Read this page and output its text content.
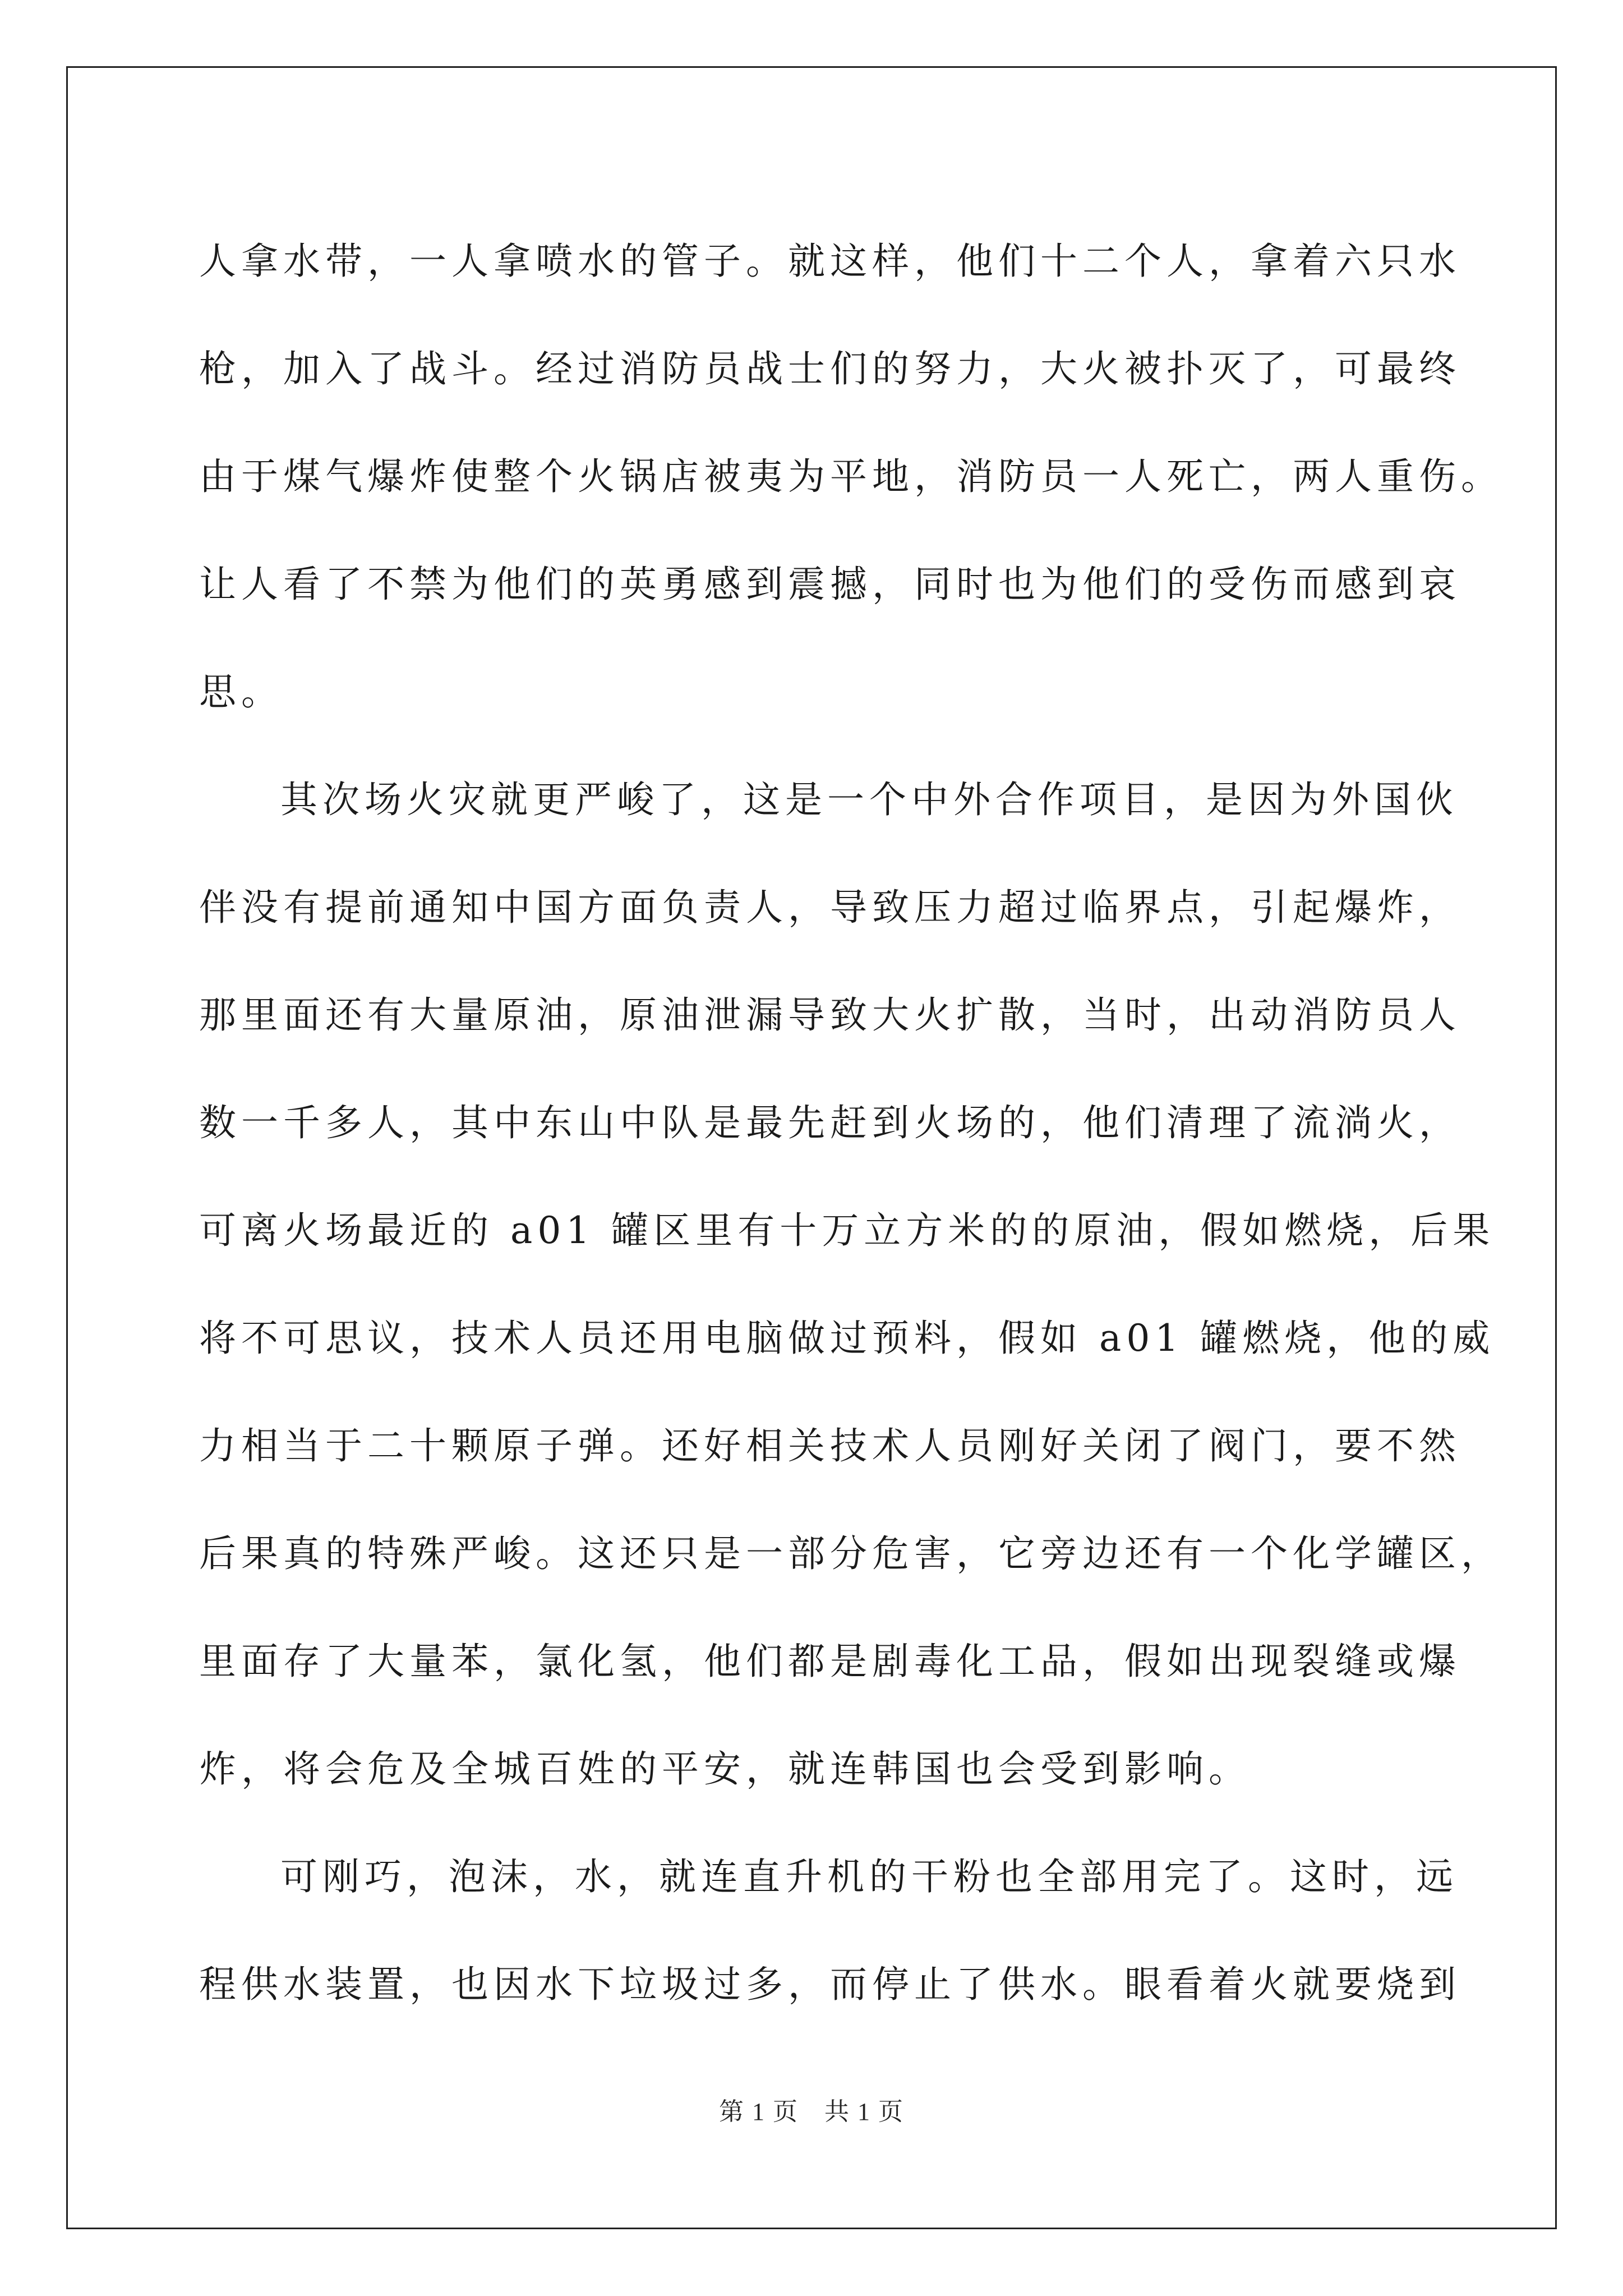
人拿水带，一人拿喷水的管子。就这样，他们十二个人，拿着六只水
枪，加入了战斗。经过消防员战士们的努力，大火被扑灭了，可最终
由于煤气爆炸使整个火锅店被夷为平地，消防员一人死亡，两人重伤。
让人看了不禁为他们的英勇感到震撼，同时也为他们的受伤而感到哀
思。
其次场火灾就更严峻了，这是一个中外合作项目，是因为外国伙
伴没有提前通知中国方面负责人，导致压力超过临界点，引起爆炸，
那里面还有大量原油，原油泄漏导致大火扩散，当时，出动消防员人
数一千多人，其中东山中队是最先赶到火场的，他们清理了流淌火，
可离火场最近的 a01 罐区里有十万立方米的的原油，假如燃烧，后果
将不可思议，技术人员还用电脑做过预料，假如 a01 罐燃烧，他的威
力相当于二十颗原子弹。还好相关技术人员刚好关闭了阀门，要不然
后果真的特殊严峻。这还只是一部分危害，它旁边还有一个化学罐区，
里面存了大量苯，氯化氢，他们都是剧毒化工品，假如出现裂缝或爆
炸，将会危及全城百姓的平安，就连韩国也会受到影响。
可刚巧，泡沫，水，就连直升机的干粉也全部用完了。这时，远
程供水装置，也因水下垃圾过多，而停止了供水。眼看着火就要烧到
第 1 页　共 1 页
